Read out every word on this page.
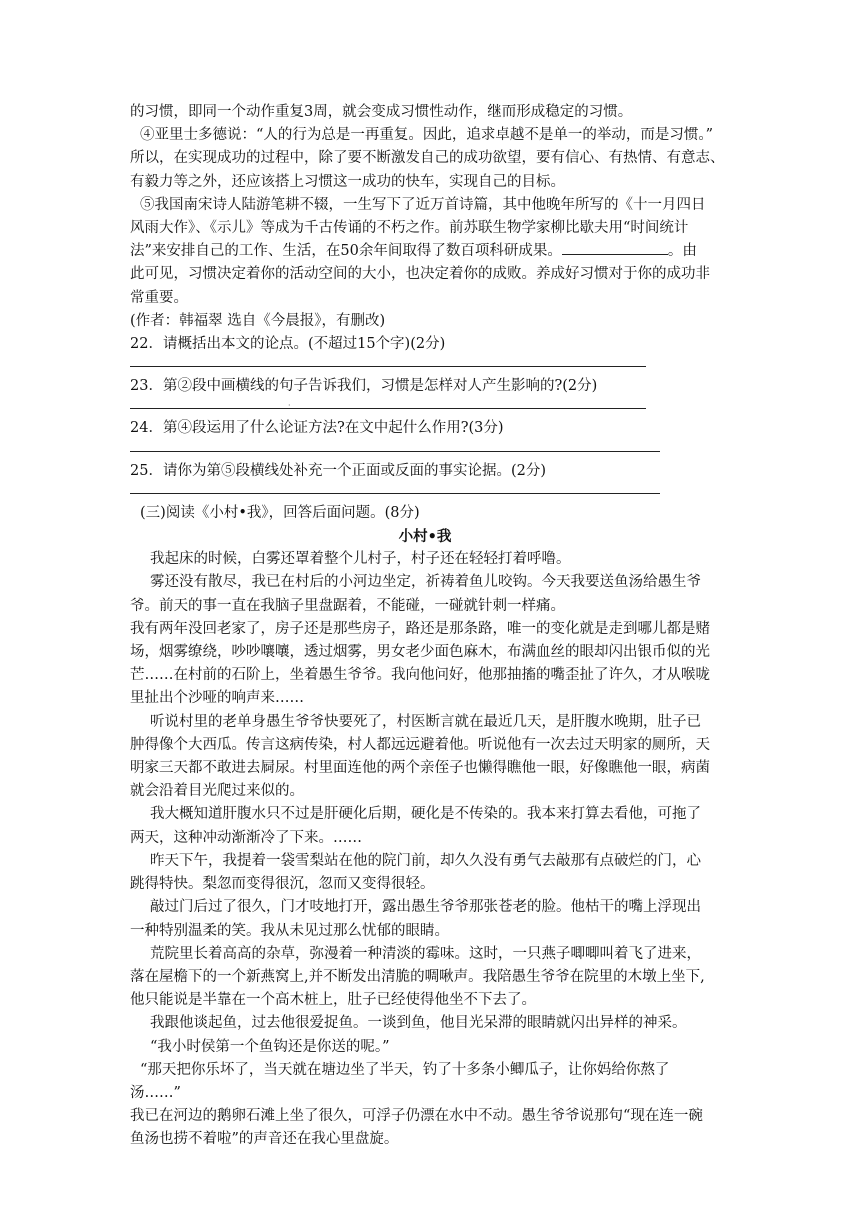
的习惯，即同一个动作重复3周，就会变成习惯性动作，继而形成稳定的习惯。

④亚里士多德说：“人的行为总是一再重复。因此，追求卓越不是单一的举动，而是习惯。”

所以，在实现成功的过程中，除了要不断激发自己的成功欲望，要有信心、有热情、有意志、

有毅力等之外，还应该搭上习惯这一成功的快车，实现自己的目标。

⑤我国南宋诗人陆游笔耕不辍，一生写下了近万首诗篇，其中他晚年所写的《十一月四日

风雨大作》、《示儿》等成为千古传诵的不朽之作。前苏联生物学家柳比歇夫用“时间统计

法”来安排自己的工作、生活，在50余年间取得了数百项科研成果。	。由

此可见，习惯决定着你的活动空间的大小，也决定着你的成败。养成好习惯对于你的成功非

常重要。

(作者：韩福翠 选自《今晨报》，有删改)

22．请概括出本文的论点。(不超过15个字)(2分)

23．第②段中画横线的句子告诉我们，习惯是怎样对人产生影响的?(2分)

24．第④段运用了什么论证方法?在文中起什么作用?(3分)

25．请你为第⑤段横线处补充一个正面或反面的事实论据。(2分)

(三)阅读《小村•我》，回答后面问题。(8分)

小村•我

我起床的时候，白雾还罩着整个儿村子，村子还在轻轻打着呼噜。

雾还没有散尽，我已在村后的小河边坐定，祈祷着鱼儿咬钩。今天我要送鱼汤给愚生爷

爷。前天的事一直在我脑子里盘踞着，不能碰，一碰就针刺一样痛。

我有两年没回老家了，房子还是那些房子，路还是那条路，唯一的变化就是走到哪儿都是赌

场，烟雾缭绕，吵吵嚷嚷，透过烟雾，男女老少面色麻木，布满血丝的眼却闪出银币似的光

芒……在村前的石阶上，坐着愚生爷爷。我向他问好，他那抽搐的嘴歪扯了许久，才从喉咙

里扯出个沙哑的响声来……

听说村里的老单身愚生爷爷快要死了，村医断言就在最近几天，是肝腹水晚期，肚子已

肿得像个大西瓜。传言这病传染，村人都远远避着他。听说他有一次去过天明家的厕所，天

明家三天都不敢进去屙尿。村里面连他的两个亲侄子也懒得瞧他一眼，好像瞧他一眼，病菌

就会沿着目光爬过来似的。

我大概知道肝腹水只不过是肝硬化后期，硬化是不传染的。我本来打算去看他，可拖了

两天，这种冲动渐渐冷了下来。……

昨天下午，我提着一袋雪梨站在他的院门前，却久久没有勇气去敲那有点破烂的门，心

跳得特快。梨忽而变得很沉，忽而又变得很轻。

敲过门后过了很久，门才吱地打开，露出愚生爷爷那张苍老的脸。他枯干的嘴上浮现出

一种特别温柔的笑。我从未见过那么忧郁的眼睛。

荒院里长着高高的杂草，弥漫着一种清淡的霉味。这时，一只燕子唧唧叫着飞了进来，

落在屋檐下的一个新燕窝上,并不断发出清脆的啁啾声。我陪愚生爷爷在院里的木墩上坐下,

他只能说是半靠在一个高木桩上，肚子已经使得他坐不下去了。

我跟他谈起鱼，过去他很爱捉鱼。一谈到鱼，他目光呆滞的眼睛就闪出异样的神采。

“我小时侯第一个鱼钩还是你送的呢。”

“那天把你乐坏了，当天就在塘边坐了半天，钓了十多条小鲫瓜子，让你妈给你熬了

汤……”

我已在河边的鹅卵石滩上坐了很久，可浮子仍漂在水中不动。愚生爷爷说那句“现在连一碗

鱼汤也捞不着啦”的声音还在我心里盘旋。

·
